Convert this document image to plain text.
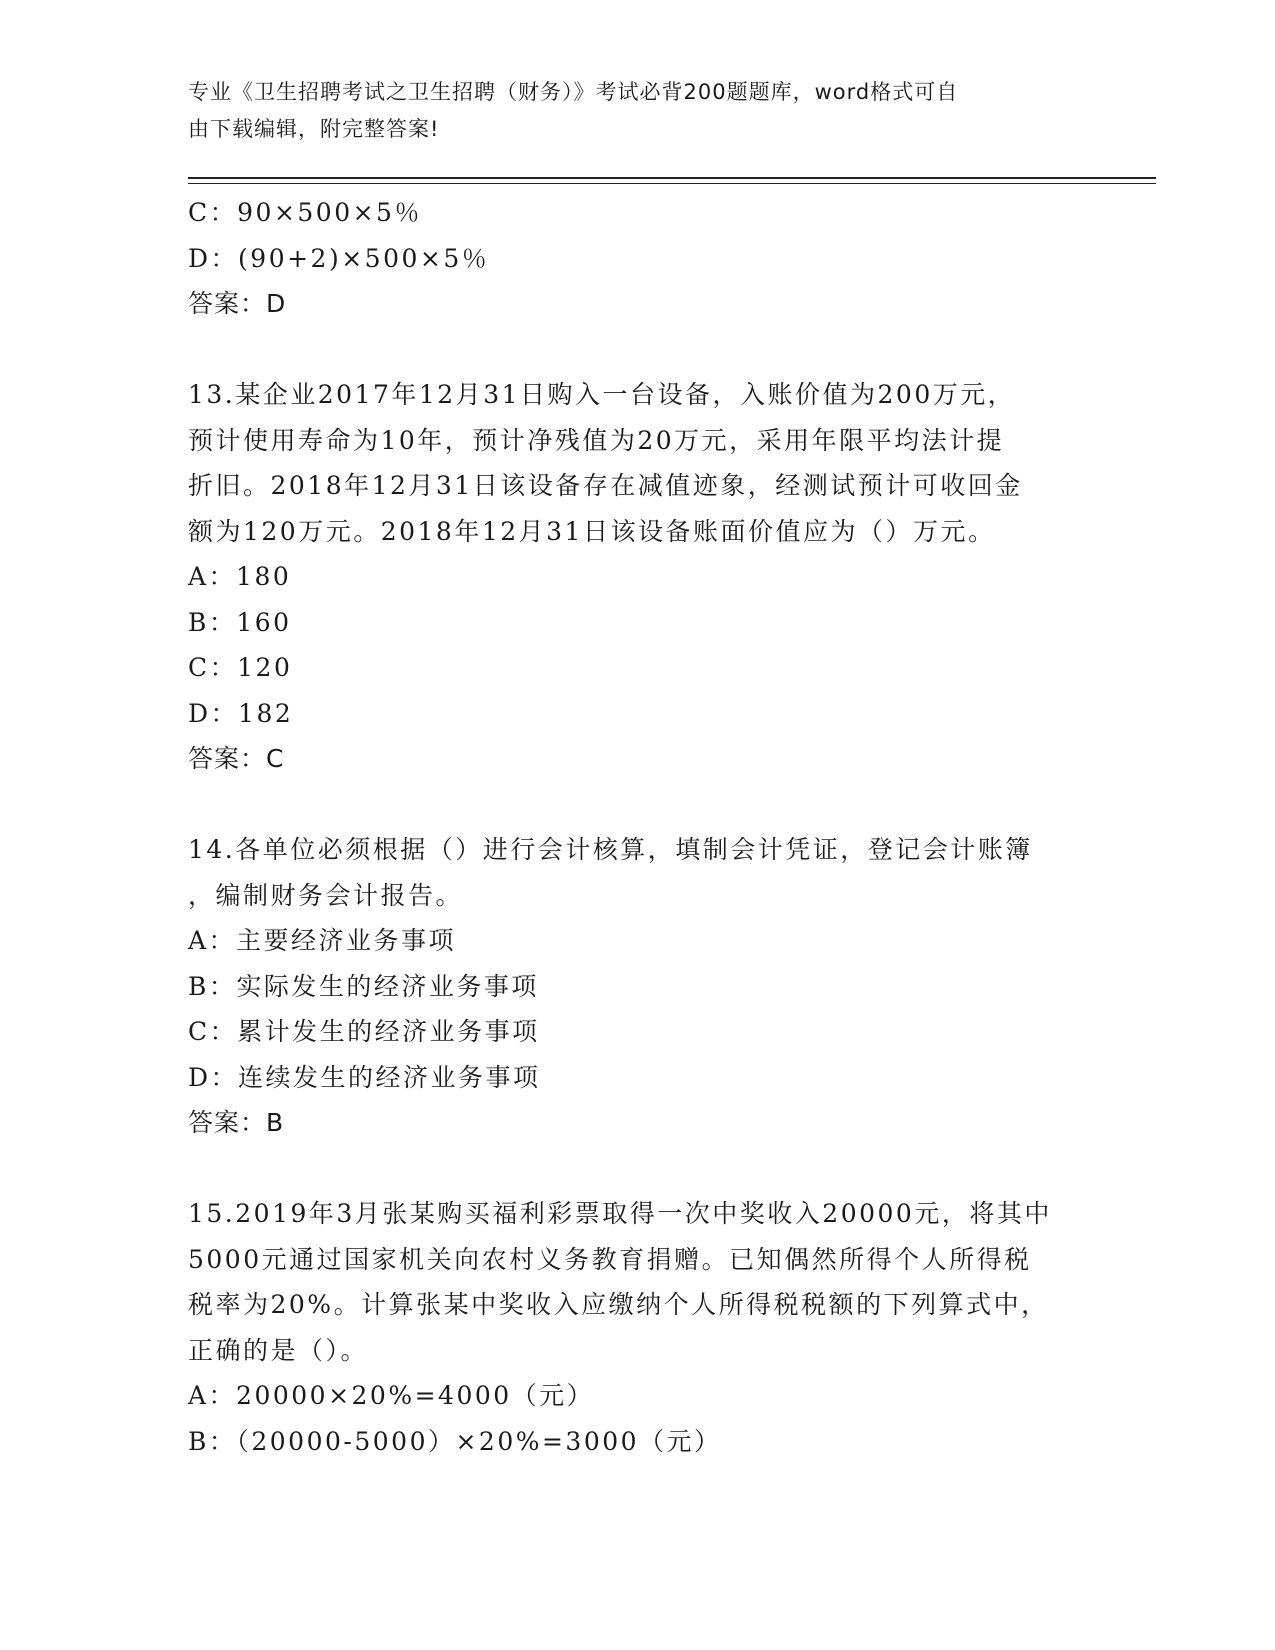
专业《卫生招聘考试之卫生招聘（财务）》考试必背200题题库，word格式可自
由下载编辑，附完整答案!
C：90×500×5％
D：(90+2)×500×5％
答案：D
13.某企业2017年12月31日购入一台设备，入账价值为200万元，
预计使用寿命为10年，预计净残值为20万元，采用年限平均法计提
折旧。2018年12月31日该设备存在减值迹象，经测试预计可收回金
额为120万元。2018年12月31日该设备账面价值应为（）万元。
A：180
B：160
C：120
D：182
答案：C
14.各单位必须根据（）进行会计核算，填制会计凭证，登记会计账簿
，编制财务会计报告。
A：主要经济业务事项
B：实际发生的经济业务事项
C：累计发生的经济业务事项
D：连续发生的经济业务事项
答案：B
15.2019年3月张某购买福利彩票取得一次中奖收入20000元，将其中
5000元通过国家机关向农村义务教育捐赠。已知偶然所得个人所得税
税率为20%。计算张某中奖收入应缴纳个人所得税税额的下列算式中，
正确的是（）。
A：20000×20%=4000（元）
B：（20000-5000）×20%=3000（元）
